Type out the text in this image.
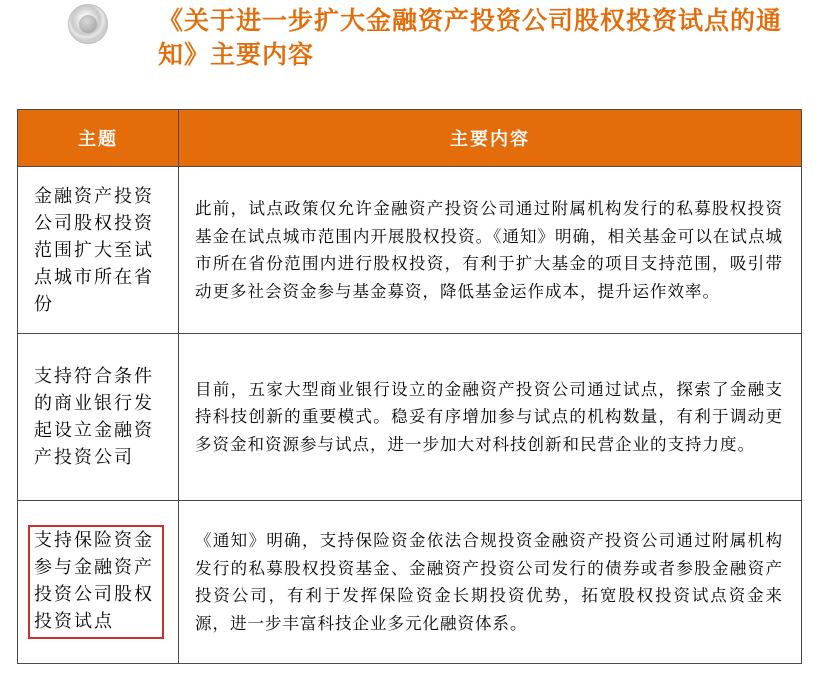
《关于进一步扩大金融资产投资公司股权投资试点的通知》主要内容
主题	主要内容
金融资产投资公司股权投资范围扩大至试点城市所在省份	此前，试点政策仅允许金融资产投资公司通过附属机构发行的私募股权投资基金在试点城市范围内开展股权投资。《通知》明确，相关基金可以在试点城市所在省份范围内进行股权投资，有利于扩大基金的项目支持范围，吸引带动更多社会资金参与基金募资，降低基金运作成本，提升运作效率。
支持符合条件的商业银行发起设立金融资产投资公司	目前，五家大型商业银行设立的金融资产投资公司通过试点，探索了金融支持科技创新的重要模式。稳妥有序增加参与试点的机构数量，有利于调动更多资金和资源参与试点，进一步加大对科技创新和民营企业的支持力度。
支持保险资金参与金融资产投资公司股权投资试点	《通知》明确，支持保险资金依法合规投资金融资产投资公司通过附属机构发行的私募股权投资基金、金融资产投资公司发行的债券或者参股金融资产投资公司，有利于发挥保险资金长期投资优势，拓宽股权投资试点资金来源，进一步丰富科技企业多元化融资体系。
